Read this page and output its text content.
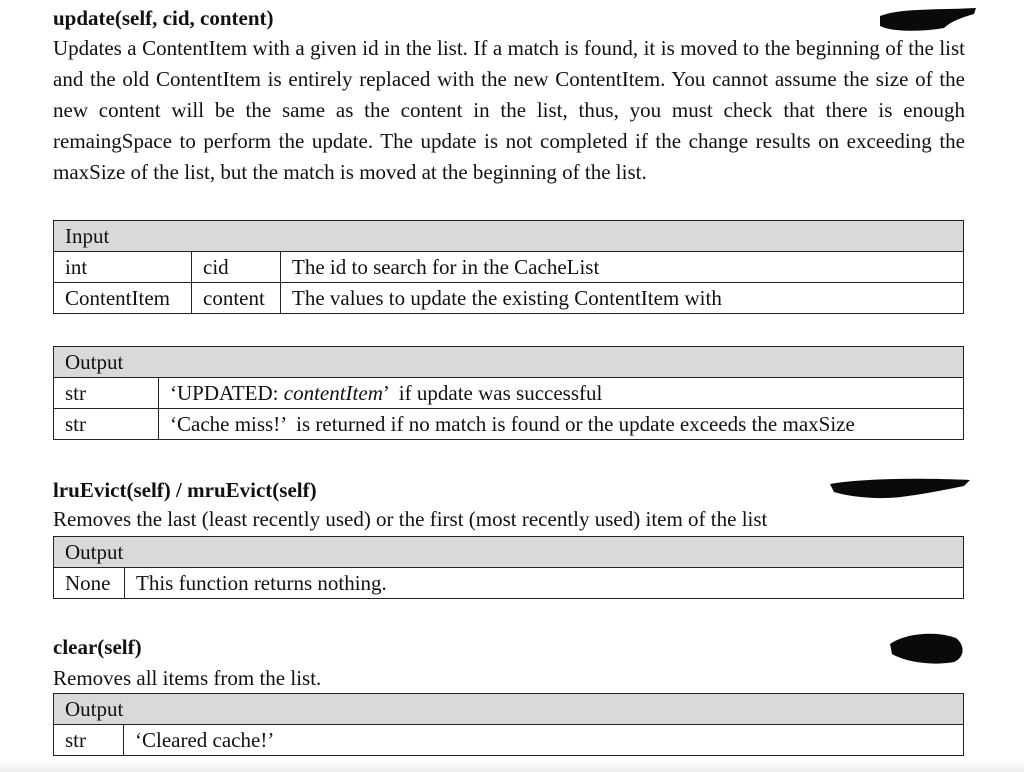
update(self, cid, content)

Updates a ContentItem with a given id in the list. If a match is found, it is moved to the beginning of the list and the old ContentItem is entirely replaced with the new ContentItem. You cannot assume the size of the new content will be the same as the content in the list, thus, you must check that there is enough remaingSpace to perform the update. The update is not completed if the change results on exceeding the maxSize of the list, but the match is moved at the beginning of the list.

Input		
int	cid	The id to search for in the CacheList
ContentItem	content	The values to update the existing ContentItem with
Output	
str	‘UPDATED: contentItem’  if update was successful
str	‘Cache miss!’  is returned if no match is found or the update exceeds the maxSize

lruEvict(self) / mruEvict(self)

Removes the last (least recently used) or the first (most recently used) item of the list

Output
None	This function returns nothing.

clear(self)

Removes all items from the list.

Output
str	‘Cleared cache!’
